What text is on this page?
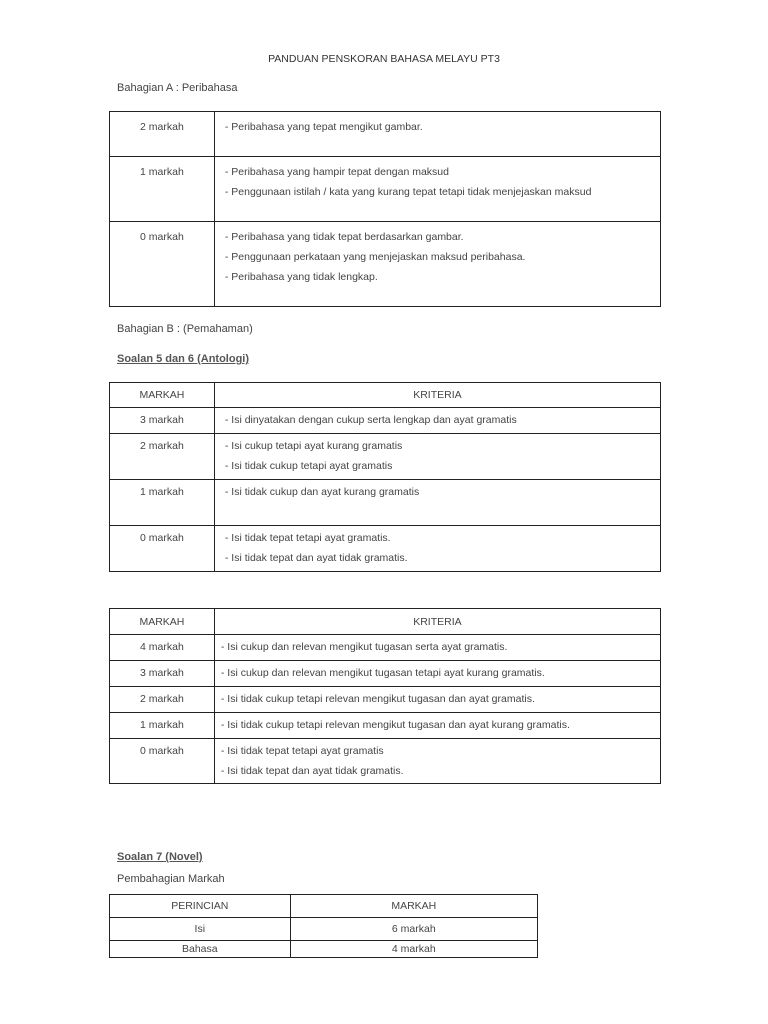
PANDUAN PENSKORAN BAHASA MELAYU PT3
Bahagian A : Peribahasa
2 markah	- Peribahasa yang tepat mengikut gambar.

1 markah	- Peribahasa yang hampir tepat dengan maksud
- Penggunaan istilah / kata yang kurang tepat tetapi tidak menjejaskan maksud

0 markah	- Peribahasa yang tidak tepat berdasarkan gambar.
- Penggunaan perkataan yang menjejaskan maksud peribahasa.
- Peribahasa yang tidak lengkap.
Bahagian B : (Pemahaman)
Soalan 5 dan 6 (Antologi)
MARKAH	KRITERIA

3 markah	- Isi dinyatakan dengan cukup serta lengkap dan ayat gramatis

2 markah	- Isi cukup tetapi ayat kurang gramatis
- Isi tidak cukup tetapi ayat gramatis

1 markah	- Isi tidak cukup dan ayat kurang gramatis

0 markah	- Isi tidak tepat tetapi ayat gramatis.
- Isi tidak tepat dan ayat tidak gramatis.
MARKAH	KRITERIA

4 markah	- Isi cukup dan relevan mengikut tugasan serta ayat gramatis.

3 markah	- Isi cukup dan relevan mengikut tugasan tetapi ayat kurang gramatis.

2 markah	- Isi tidak cukup tetapi relevan mengikut tugasan dan ayat gramatis.

1 markah	- Isi tidak cukup tetapi relevan mengikut tugasan dan ayat kurang gramatis.

0 markah	- Isi tidak tepat tetapi ayat gramatis
- Isi tidak tepat dan ayat tidak gramatis.
Soalan 7 (Novel)
Pembahagian Markah
PERINCIAN	MARKAH
Isi	6 markah
Bahasa	4 markah
